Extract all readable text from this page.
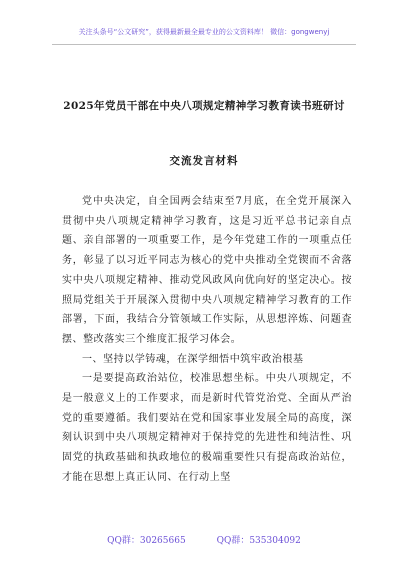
关注头条号“公文研究”，获得最新最全最专业的公文资料库！ 微信：gongwenyj
2025年党员干部在中央八项规定精神学习教育读书班研讨
交流发言材料

党中央决定，自全国两会结束至7月底，在全党开展深入贯彻中央八项规定精神学习教育，这是习近平总书记亲自点题、亲自部署的一项重要工作，是今年党建工作的一项重点任务，彰显了以习近平同志为核心的党中央推动全党锲而不舍落实中央八项规定精神、推动党风政风向优向好的坚定决心。按照局党组关于开展深入贯彻中央八项规定精神学习教育的工作部署，下面，我结合分管领域工作实际，从思想淬炼、问题查摆、整改落实三个维度汇报学习体会。

一、坚持以学铸魂，在深学细悟中筑牢政治根基

一是要提高政治站位，校准思想坐标。中央八项规定，不是一般意义上的工作要求，而是新时代管党治党、全面从严治党的重要遵循。我们要站在党和国家事业发展全局的高度，深刻认识到中央八项规定精神对于保持党的先进性和纯洁性、巩固党的执政基础和执政地位的极端重要性只有提高政治站位，才能在思想上真正认同、在行动上坚

QQ群：30265665	QQ群：535304092
